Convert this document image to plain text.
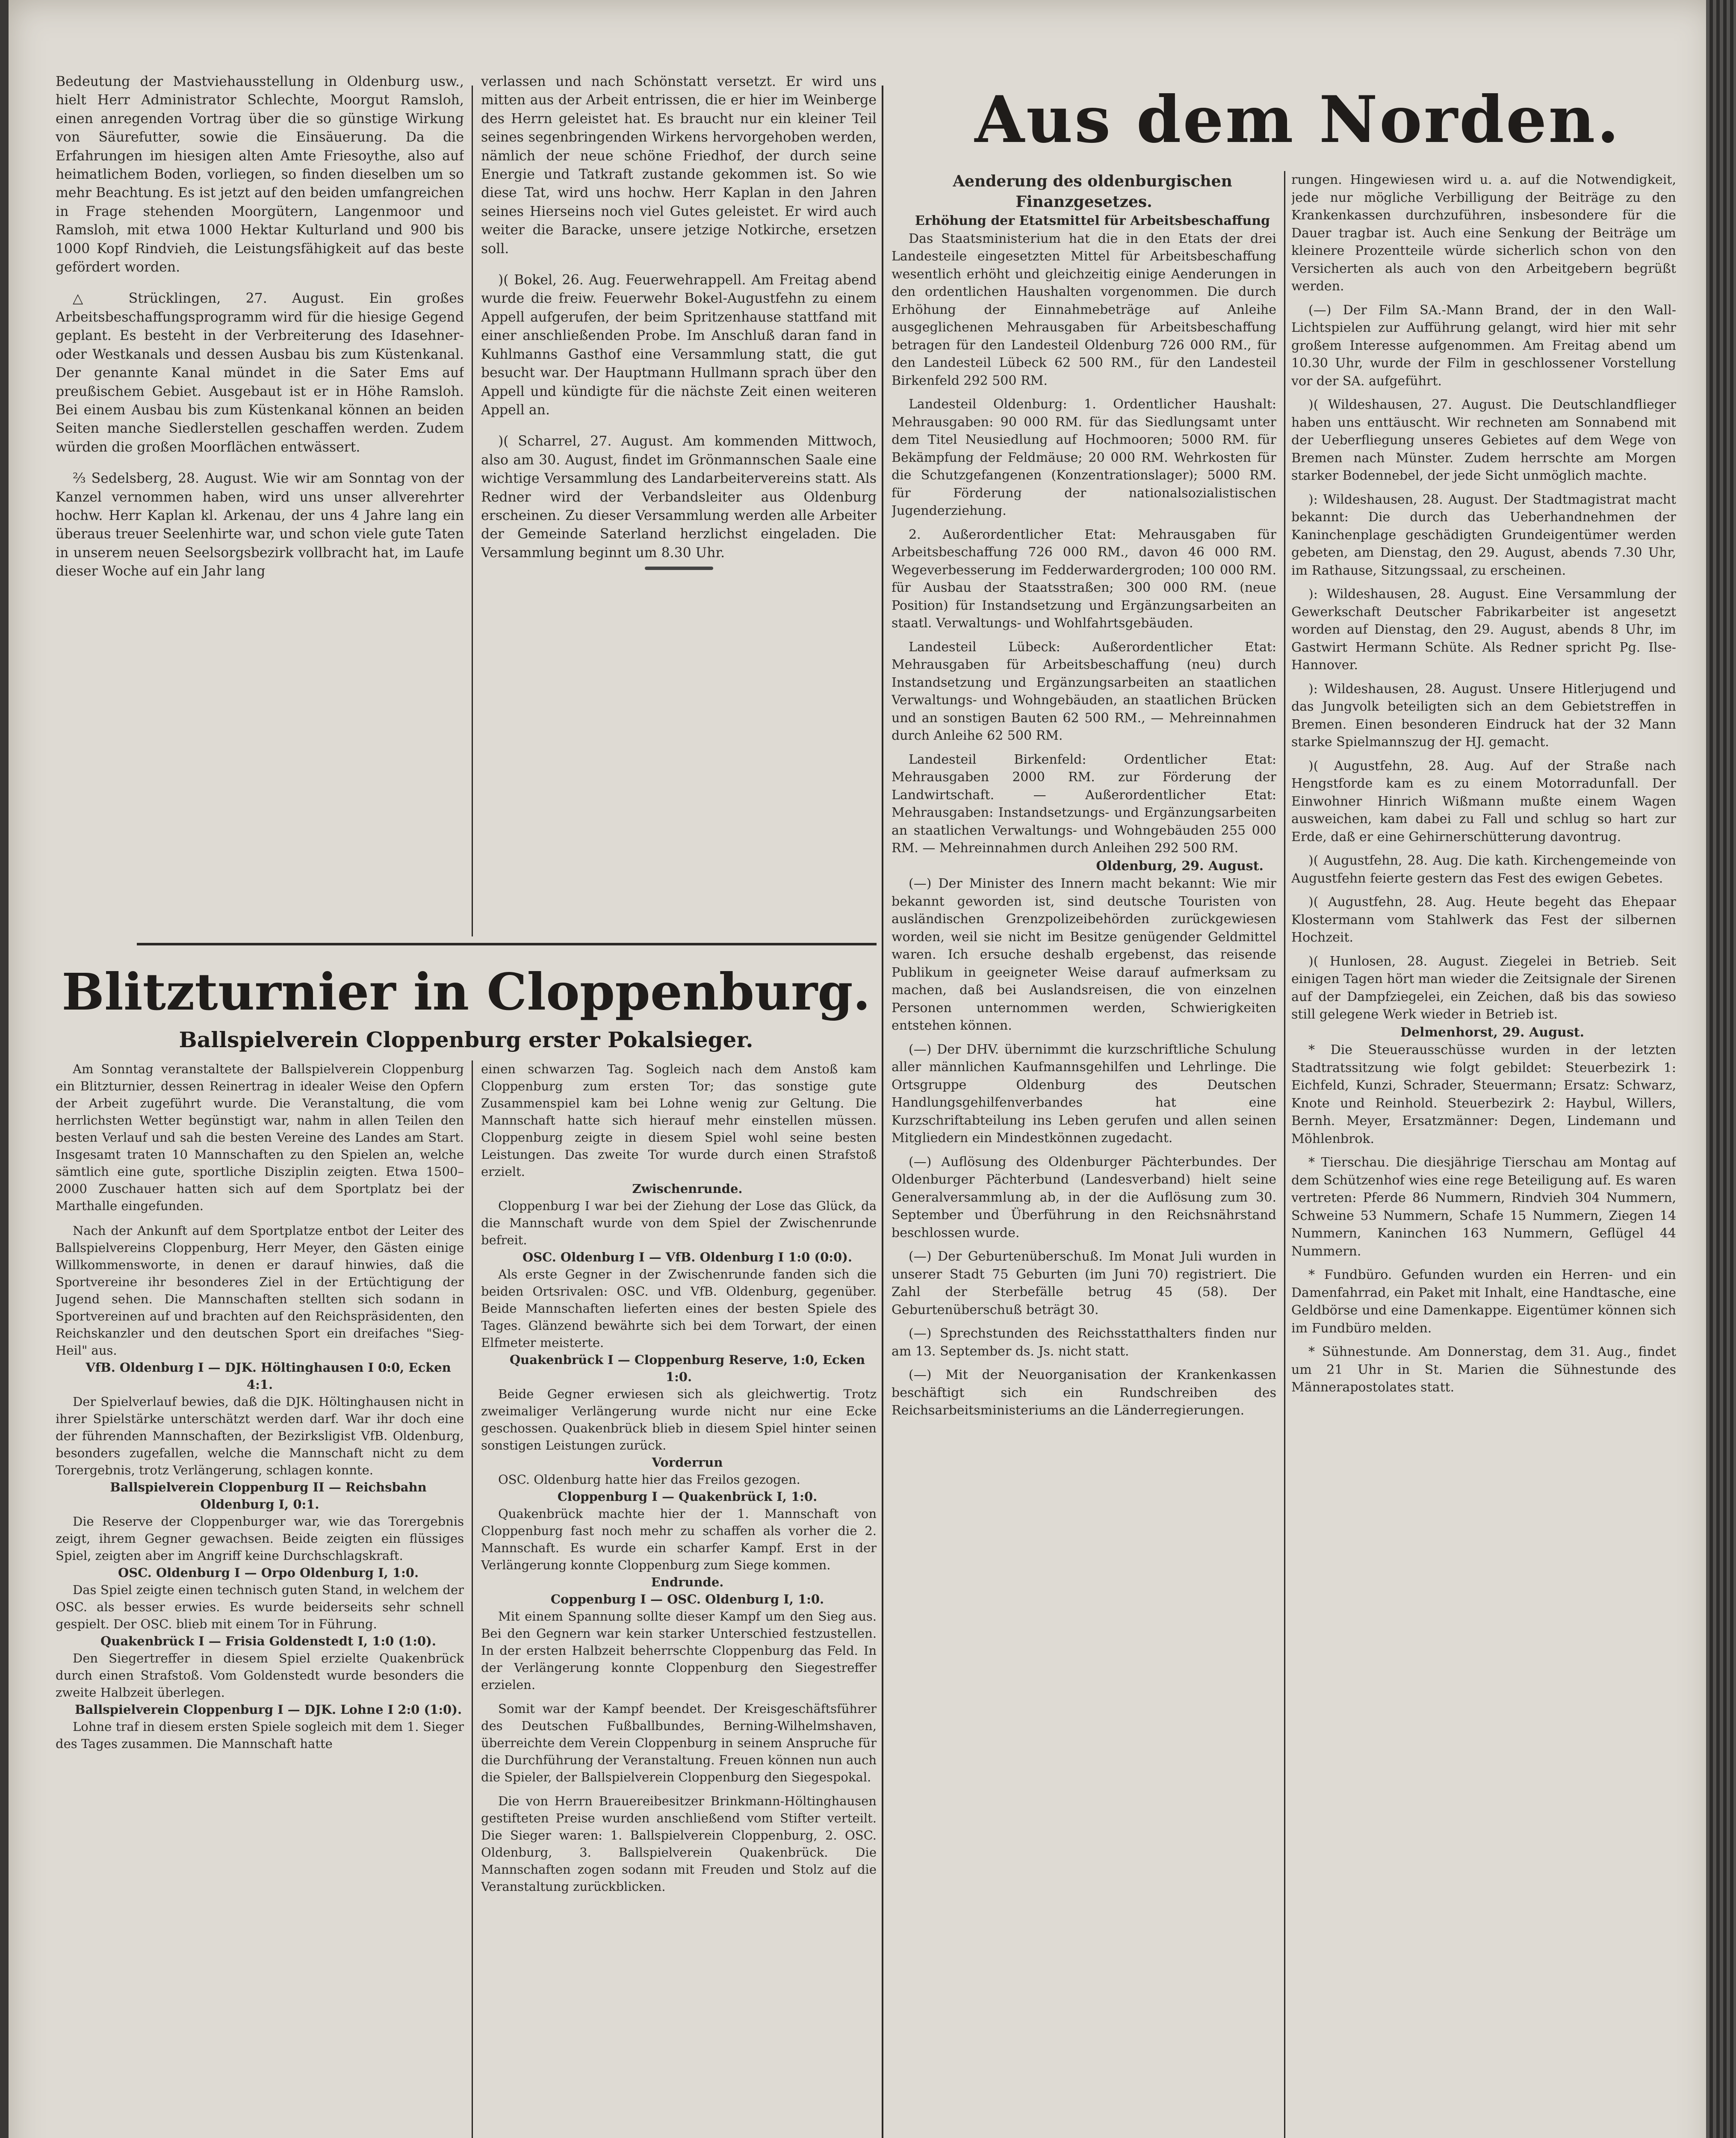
Bedeutung der Mastviehausstellung in Oldenburg usw., hielt Herr Administrator Schlechte, Moorgut Ramsloh, einen anregenden Vortrag über die so günstige Wirkung von Säurefutter, sowie die Einsäuerung. Da die Erfahrungen im hiesigen alten Amte Friesoythe, also auf heimatlichem Boden, vorliegen, so finden dieselben um so mehr Beachtung. Es ist jetzt auf den beiden umfangreichen in Frage stehenden Moorgütern, Langenmoor und Ramsloh, mit etwa 1000 Hektar Kulturland und 900 bis 1000 Kopf Rindvieh, die Leistungsfähigkeit auf das beste gefördert worden.

△ Strücklingen, 27. August. Ein großes Arbeitsbeschaffungsprogramm wird für die hiesige Gegend geplant. Es besteht in der Verbreiterung des Idasehner- oder Westkanals und dessen Ausbau bis zum Küstenkanal. Der genannte Kanal mündet in die Sater Ems auf preußischem Gebiet. Ausgebaut ist er in Höhe Ramsloh. Bei einem Ausbau bis zum Küstenkanal können an beiden Seiten manche Siedlerstellen geschaffen werden. Zudem würden die großen Moorflächen entwässert.

⅔ Sedelsberg, 28. August. Wie wir am Sonntag von der Kanzel vernommen haben, wird uns unser allverehrter hochw. Herr Kaplan kl. Arkenau, der uns 4 Jahre lang ein überaus treuer Seelenhirte war, und schon viele gute Taten in unserem neuen Seelsorgsbezirk vollbracht hat, im Laufe dieser Woche auf ein Jahr lang

verlassen und nach Schönstatt versetzt. Er wird uns mitten aus der Arbeit entrissen, die er hier im Weinberge des Herrn geleistet hat. Es braucht nur ein kleiner Teil seines segenbringenden Wirkens hervorgehoben werden, nämlich der neue schöne Friedhof, der durch seine Energie und Tatkraft zustande gekommen ist. So wie diese Tat, wird uns hochw. Herr Kaplan in den Jahren seines Hierseins noch viel Gutes geleistet. Er wird auch weiter die Baracke, unsere jetzige Notkirche, ersetzen soll.

)( Bokel, 26. Aug. Feuerwehrappell. Am Freitag abend wurde die freiw. Feuerwehr Bokel-Augustfehn zu einem Appell aufgerufen, der beim Spritzenhause stattfand mit einer anschließenden Probe. Im Anschluß daran fand in Kuhlmanns Gasthof eine Versammlung statt, die gut besucht war. Der Hauptmann Hullmann sprach über den Appell und kündigte für die nächste Zeit einen weiteren Appell an.

)( Scharrel, 27. August. Am kommenden Mittwoch, also am 30. August, findet im Grönmannschen Saale eine wichtige Versammlung des Landarbeitervereins statt. Als Redner wird der Verbandsleiter aus Oldenburg erscheinen. Zu dieser Versammlung werden alle Arbeiter der Gemeinde Saterland herzlichst eingeladen. Die Versammlung beginnt um 8.30 Uhr.

Blitzturnier in Cloppenburg.
Ballspielverein Cloppenburg erster Pokalsieger.

Am Sonntag veranstaltete der Ballspielverein Cloppenburg ein Blitzturnier, dessen Reinertrag in idealer Weise den Opfern der Arbeit zugeführt wurde. Die Veranstaltung, die vom herrlichsten Wetter begünstigt war, nahm in allen Teilen den besten Verlauf und sah die besten Vereine des Landes am Start. Insgesamt traten 10 Mannschaften zu den Spielen an, welche sämtlich eine gute, sportliche Disziplin zeigten. Etwa 1500–2000 Zuschauer hatten sich auf dem Sportplatz bei der Marthalle eingefunden.

Nach der Ankunft auf dem Sportplatze entbot der Leiter des Ballspielvereins Cloppenburg, Herr Meyer, den Gästen einige Willkommensworte, in denen er darauf hinwies, daß die Sportvereine ihr besonderes Ziel in der Ertüchtigung der Jugend sehen. Die Mannschaften stellten sich sodann in Sportvereinen auf und brachten auf den Reichspräsidenten, den Reichskanzler und den deutschen Sport ein dreifaches "Sieg-Heil" aus.

VfB. Oldenburg I — DJK. Höltinghausen I 0:0, Ecken 4:1.

Der Spielverlauf bewies, daß die DJK. Höltinghausen nicht in ihrer Spielstärke unterschätzt werden darf. War ihr doch eine der führenden Mannschaften, der Bezirksligist VfB. Oldenburg, besonders zugefallen, welche die Mannschaft nicht zu dem Torergebnis, trotz Verlängerung, schlagen konnte.

Ballspielverein Cloppenburg II — Reichsbahn Oldenburg I, 0:1.

Die Reserve der Cloppenburger war, wie das Torergebnis zeigt, ihrem Gegner gewachsen. Beide zeigten ein flüssiges Spiel, zeigten aber im Angriff keine Durchschlagskraft.

OSC. Oldenburg I — Orpo Oldenburg I, 1:0.

Das Spiel zeigte einen technisch guten Stand, in welchem der OSC. als besser erwies. Es wurde beiderseits sehr schnell gespielt. Der OSC. blieb mit einem Tor in Führung.

Quakenbrück I — Frisia Goldenstedt I, 1:0 (1:0).

Den Siegertreffer in diesem Spiel erzielte Quakenbrück durch einen Strafstoß. Vom Goldenstedt wurde besonders die zweite Halbzeit überlegen.

Ballspielverein Cloppenburg I — DJK. Lohne I 2:0 (1:0).

Lohne traf in diesem ersten Spiele sogleich mit dem 1. Sieger des Tages zusammen. Die Mannschaft hatte

einen schwarzen Tag. Sogleich nach dem Anstoß kam Cloppenburg zum ersten Tor; das sonstige gute Zusammenspiel kam bei Lohne wenig zur Geltung. Die Mannschaft hatte sich hierauf mehr einstellen müssen. Cloppenburg zeigte in diesem Spiel wohl seine besten Leistungen. Das zweite Tor wurde durch einen Strafstoß erzielt.

Zwischenrunde.

Cloppenburg I war bei der Ziehung der Lose das Glück, da die Mannschaft wurde von dem Spiel der Zwischenrunde befreit.

OSC. Oldenburg I — VfB. Oldenburg I 1:0 (0:0).

Als erste Gegner in der Zwischenrunde fanden sich die beiden Ortsrivalen: OSC. und VfB. Oldenburg, gegenüber. Beide Mannschaften lieferten eines der besten Spiele des Tages. Glänzend bewährte sich bei dem Torwart, der einen Elfmeter meisterte.

Quakenbrück I — Cloppenburg Reserve, 1:0, Ecken 1:0.

Beide Gegner erwiesen sich als gleichwertig. Trotz zweimaliger Verlängerung wurde nicht nur eine Ecke geschossen. Quakenbrück blieb in diesem Spiel hinter seinen sonstigen Leistungen zurück.

Vorderrun

OSC. Oldenburg hatte hier das Freilos gezogen.

Cloppenburg I — Quakenbrück I, 1:0.

Quakenbrück machte hier der 1. Mannschaft von Cloppenburg fast noch mehr zu schaffen als vorher die 2. Mannschaft. Es wurde ein scharfer Kampf. Erst in der Verlängerung konnte Cloppenburg zum Siege kommen.

Endrunde.

Coppenburg I — OSC. Oldenburg I, 1:0.

Mit einem Spannung sollte dieser Kampf um den Sieg aus. Bei den Gegnern war kein starker Unterschied festzustellen. In der ersten Halbzeit beherrschte Cloppenburg das Feld. In der Verlängerung konnte Cloppenburg den Siegestreffer erzielen.

Somit war der Kampf beendet. Der Kreisgeschäftsführer des Deutschen Fußballbundes, Berning-Wilhelmshaven, überreichte dem Verein Cloppenburg in seinem Anspruche für die Durchführung der Veranstaltung. Freuen können nun auch die Spieler, der Ballspielverein Cloppenburg den Siegespokal.

Die von Herrn Brauereibesitzer Brinkmann-Höltinghausen gestifteten Preise wurden anschließend vom Stifter verteilt. Die Sieger waren: 1. Ballspielverein Cloppenburg, 2. OSC. Oldenburg, 3. Ballspielverein Quakenbrück. Die Mannschaften zogen sodann mit Freuden und Stolz auf die Veranstaltung zurückblicken.

Aus dem Norden.

Aenderung des oldenburgischen Finanzgesetzes.

Erhöhung der Etatsmittel für Arbeitsbeschaffung

Das Staatsministerium hat die in den Etats der drei Landesteile eingesetzten Mittel für Arbeitsbeschaffung wesentlich erhöht und gleichzeitig einige Aenderungen in den ordentlichen Haushalten vorgenommen. Die durch Erhöhung der Einnahmebeträge auf Anleihe ausgeglichenen Mehrausgaben für Arbeitsbeschaffung betragen für den Landesteil Oldenburg 726 000 RM., für den Landesteil Lübeck 62 500 RM., für den Landesteil Birkenfeld 292 500 RM.

Landesteil Oldenburg: 1. Ordentlicher Haushalt: Mehrausgaben: 90 000 RM. für das Siedlungsamt unter dem Titel Neusiedlung auf Hochmooren; 5000 RM. für Bekämpfung der Feldmäuse; 20 000 RM. Wehrkosten für die Schutzgefangenen (Konzentrationslager); 5000 RM. für Förderung der nationalsozialistischen Jugenderziehung.

2. Außerordentlicher Etat: Mehrausgaben für Arbeitsbeschaffung 726 000 RM., davon 46 000 RM. Wegeverbesserung im Fedderwardergroden; 100 000 RM. für Ausbau der Staatsstraßen; 300 000 RM. (neue Position) für Instandsetzung und Ergänzungsarbeiten an staatl. Verwaltungs- und Wohlfahrtsgebäuden.

Landesteil Lübeck: Außerordentlicher Etat: Mehrausgaben für Arbeitsbeschaffung (neu) durch Instandsetzung und Ergänzungsarbeiten an staatlichen Verwaltungs- und Wohngebäuden, an staatlichen Brücken und an sonstigen Bauten 62 500 RM., — Mehreinnahmen durch Anleihe 62 500 RM.

Landesteil Birkenfeld: Ordentlicher Etat: Mehrausgaben 2000 RM. zur Förderung der Landwirtschaft. — Außerordentlicher Etat: Mehrausgaben: Instandsetzungs- und Ergänzungsarbeiten an staatlichen Verwaltungs- und Wohngebäuden 255 000 RM. — Mehreinnahmen durch Anleihen 292 500 RM.

Oldenburg, 29. August.

(—) Der Minister des Innern macht bekannt: Wie mir bekannt geworden ist, sind deutsche Touristen von ausländischen Grenzpolizeibehörden zurückgewiesen worden, weil sie nicht im Besitze genügender Geldmittel waren. Ich ersuche deshalb ergebenst, das reisende Publikum in geeigneter Weise darauf aufmerksam zu machen, daß bei Auslandsreisen, die von einzelnen Personen unternommen werden, Schwierigkeiten entstehen können.

(—) Der DHV. übernimmt die kurzschriftliche Schulung aller männlichen Kaufmannsgehilfen und Lehrlinge. Die Ortsgruppe Oldenburg des Deutschen Handlungsgehilfenverbandes hat eine Kurzschriftabteilung ins Leben gerufen und allen seinen Mitgliedern ein Mindestkönnen zugedacht.

(—) Auflösung des Oldenburger Pächterbundes. Der Oldenburger Pächterbund (Landesverband) hielt seine Generalversammlung ab, in der die Auflösung zum 30. September und Überführung in den Reichsnährstand beschlossen wurde.

(—) Der Geburtenüberschuß. Im Monat Juli wurden in unserer Stadt 75 Geburten (im Juni 70) registriert. Die Zahl der Sterbefälle betrug 45 (58). Der Geburtenüberschuß beträgt 30.

(—) Sprechstunden des Reichsstatthalters finden nur am 13. September ds. Js. nicht statt.

(—) Mit der Neuorganisation der Krankenkassen beschäftigt sich ein Rundschreiben des Reichsarbeitsministeriums an die Länderregierungen.

rungen. Hingewiesen wird u. a. auf die Notwendigkeit, jede nur mögliche Verbilligung der Beiträge zu den Krankenkassen durchzuführen, insbesondere für die Dauer tragbar ist. Auch eine Senkung der Beiträge um kleinere Prozentteile würde sicherlich schon von den Versicherten als auch von den Arbeitgebern begrüßt werden.

(—) Der Film SA.-Mann Brand, der in den Wall-Lichtspielen zur Aufführung gelangt, wird hier mit sehr großem Interesse aufgenommen. Am Freitag abend um 10.30 Uhr, wurde der Film in geschlossener Vorstellung vor der SA. aufgeführt.

)( Wildeshausen, 27. August. Die Deutschlandflieger haben uns enttäuscht. Wir rechneten am Sonnabend mit der Ueberfliegung unseres Gebietes auf dem Wege von Bremen nach Münster. Zudem herrschte am Morgen starker Bodennebel, der jede Sicht unmöglich machte.

): Wildeshausen, 28. August. Der Stadtmagistrat macht bekannt: Die durch das Ueberhandnehmen der Kaninchenplage geschädigten Grundeigentümer werden gebeten, am Dienstag, den 29. August, abends 7.30 Uhr, im Rathause, Sitzungssaal, zu erscheinen.

): Wildeshausen, 28. August. Eine Versammlung der Gewerkschaft Deutscher Fabrikarbeiter ist angesetzt worden auf Dienstag, den 29. August, abends 8 Uhr, im Gastwirt Hermann Schüte. Als Redner spricht Pg. Ilse-Hannover.

): Wildeshausen, 28. August. Unsere Hitlerjugend und das Jungvolk beteiligten sich an dem Gebietstreffen in Bremen. Einen besonderen Eindruck hat der 32 Mann starke Spielmannszug der HJ. gemacht.

)( Augustfehn, 28. Aug. Auf der Straße nach Hengstforde kam es zu einem Motorradunfall. Der Einwohner Hinrich Wißmann mußte einem Wagen ausweichen, kam dabei zu Fall und schlug so hart zur Erde, daß er eine Gehirnerschütterung davontrug.

)( Augustfehn, 28. Aug. Die kath. Kirchengemeinde von Augustfehn feierte gestern das Fest des ewigen Gebetes.

)( Augustfehn, 28. Aug. Heute begeht das Ehepaar Klostermann vom Stahlwerk das Fest der silbernen Hochzeit.

)( Hunlosen, 28. August. Ziegelei in Betrieb. Seit einigen Tagen hört man wieder die Zeitsignale der Sirenen auf der Dampfziegelei, ein Zeichen, daß bis das sowieso still gelegene Werk wieder in Betrieb ist.

Delmenhorst, 29. August.

* Die Steuerausschüsse wurden in der letzten Stadtratssitzung wie folgt gebildet: Steuerbezirk 1: Eichfeld, Kunzi, Schrader, Steuermann; Ersatz: Schwarz, Knote und Reinhold. Steuerbezirk 2: Haybul, Willers, Bernh. Meyer, Ersatzmänner: Degen, Lindemann und Möhlenbrok.

* Tierschau. Die diesjährige Tierschau am Montag auf dem Schützenhof wies eine rege Beteiligung auf. Es waren vertreten: Pferde 86 Nummern, Rindvieh 304 Nummern, Schweine 53 Nummern, Schafe 15 Nummern, Ziegen 14 Nummern, Kaninchen 163 Nummern, Geflügel 44 Nummern.

* Fundbüro. Gefunden wurden ein Herren- und ein Damenfahrrad, ein Paket mit Inhalt, eine Handtasche, eine Geldbörse und eine Damenkappe. Eigentümer können sich im Fundbüro melden.

* Sühnestunde. Am Donnerstag, dem 31. Aug., findet um 21 Uhr in St. Marien die Sühnestunde des Männerapostolates statt.
